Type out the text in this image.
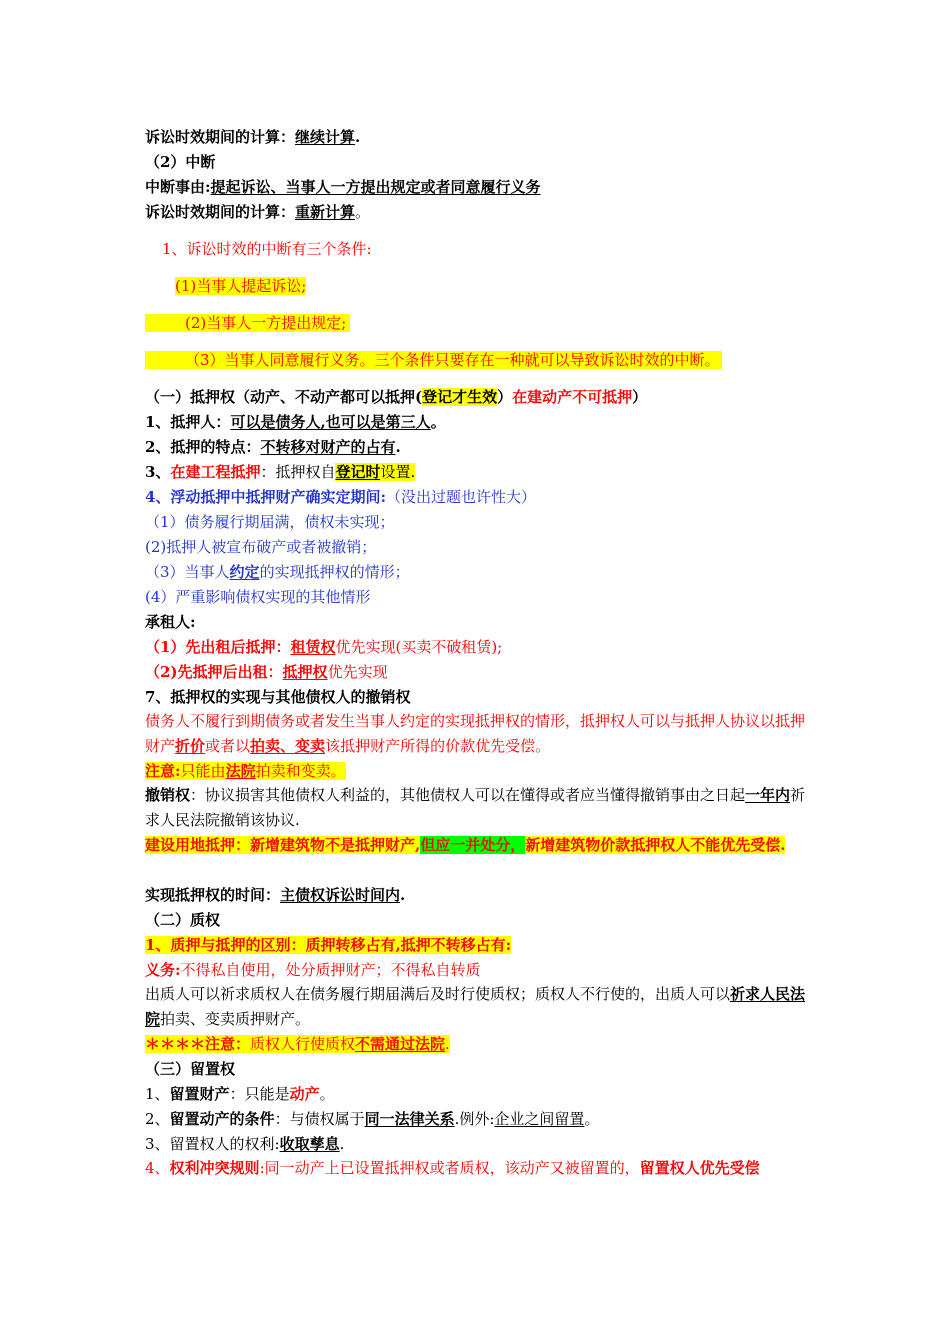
诉讼时效期间的计算：继续计算.
（2）中断
中断事由:提起诉讼、当事人一方提出规定或者同意履行义务
诉讼时效期间的计算：重新计算。
1、诉讼时效的中断有三个条件:
(1)当事人提起诉讼;
(2)当事人一方提出规定;
（3）当事人同意履行义务。三个条件只要存在一种就可以导致诉讼时效的中断。
（一）抵押权（动产、不动产都可以抵押(登记才生效）在建动产不可抵押）
1、抵押人：可以是债务人,也可以是第三人。
2、抵押的特点：不转移对财产的占有.
3、在建工程抵押：抵押权自登记时设置.
4、浮动抵押中抵押财产确实定期间:（没出过题也许性大）
（1）债务履行期届满，债权未实现；
(2)抵押人被宣布破产或者被撤销；
（3）当事人约定的实现抵押权的情形；
(4）严重影响债权实现的其他情形
承租人:
（1）先出租后抵押：租赁权优先实现(买卖不破租赁);
（2)先抵押后出租：抵押权优先实现
7、抵押权的实现与其他债权人的撤销权
债务人不履行到期债务或者发生当事人约定的实现抵押权的情形，抵押权人可以与抵押人协议以抵押财产折价或者以拍卖、变卖该抵押财产所得的价款优先受偿。
注意:只能由法院拍卖和变卖。
撤销权：协议损害其他债权人利益的，其他债权人可以在懂得或者应当懂得撤销事由之日起一年内祈求人民法院撤销该协议.
建设用地抵押：新增建筑物不是抵押财产,但应一并处分，新增建筑物价款抵押权人不能优先受偿.
实现抵押权的时间：主债权诉讼时间内.
（二）质权
1、质押与抵押的区别：质押转移占有,抵押不转移占有:
义务:不得私自使用，处分质押财产；不得私自转质
出质人可以祈求质权人在债务履行期届满后及时行使质权；质权人不行使的，出质人可以祈求人民法院拍卖、变卖质押财产。
＊＊＊＊注意：质权人行使质权不需通过法院.
（三）留置权
1、留置财产：只能是动产。
2、留置动产的条件：与债权属于同一法律关系.例外:企业之间留置。
3、留置权人的权利:收取孳息.
4、权利冲突规则:同一动产上已设置抵押权或者质权，该动产又被留置的，留置权人优先受偿
